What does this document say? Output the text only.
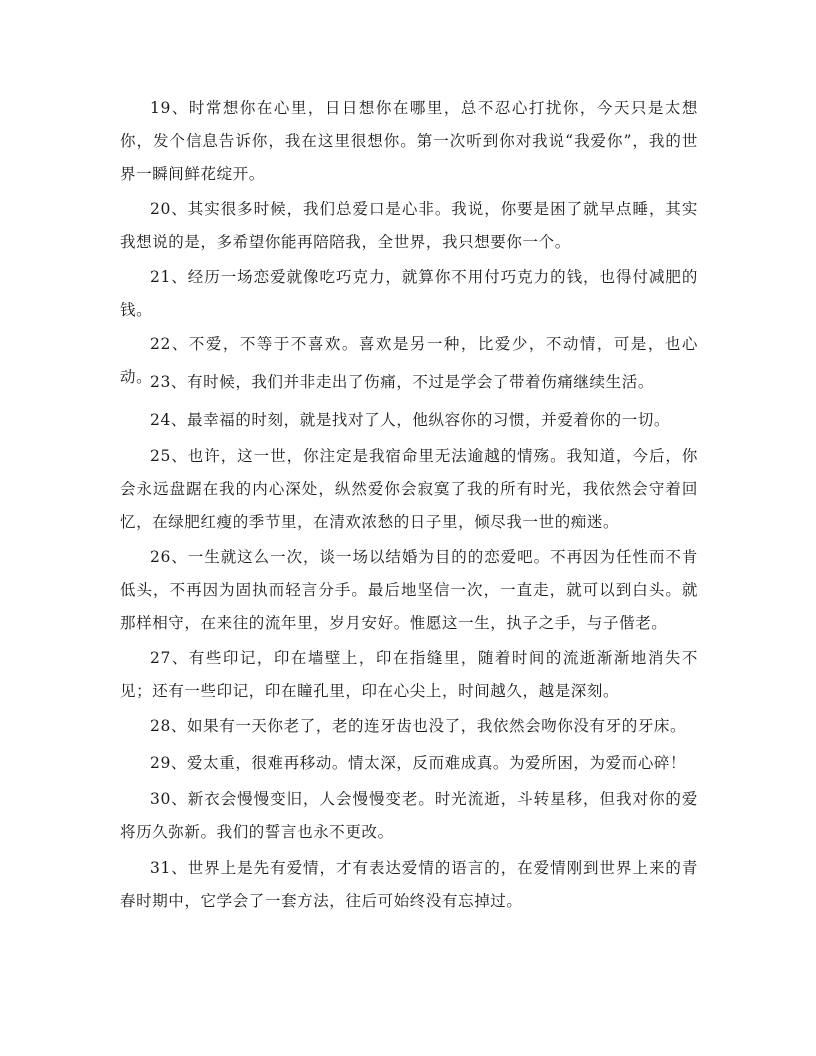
19、时常想你在心里，日日想你在哪里，总不忍心打扰你，今天只是太想你，发个信息告诉你，我在这里很想你。第一次听到你对我说“我爱你”，我的世界一瞬间鲜花绽开。

20、其实很多时候，我们总爱口是心非。我说，你要是困了就早点睡，其实我想说的是，多希望你能再陪陪我，全世界，我只想要你一个。

21、经历一场恋爱就像吃巧克力，就算你不用付巧克力的钱，也得付减肥的钱。

22、不爱，不等于不喜欢。喜欢是另一种，比爱少，不动情，可是，也心动。

23、有时候，我们并非走出了伤痛，不过是学会了带着伤痛继续生活。

24、最幸福的时刻，就是找对了人，他纵容你的习惯，并爱着你的一切。

25、也许，这一世，你注定是我宿命里无法逾越的情殇。我知道，今后，你会永远盘踞在我的内心深处，纵然爱你会寂寞了我的所有时光，我依然会守着回忆，在绿肥红瘦的季节里，在清欢浓愁的日子里，倾尽我一世的痴迷。

26、一生就这么一次，谈一场以结婚为目的的恋爱吧。不再因为任性而不肯低头，不再因为固执而轻言分手。最后地坚信一次，一直走，就可以到白头。就那样相守，在来往的流年里，岁月安好。惟愿这一生，执子之手，与子偕老。

27、有些印记，印在墙壁上，印在指缝里，随着时间的流逝渐渐地消失不见；还有一些印记，印在瞳孔里，印在心尖上，时间越久，越是深刻。

28、如果有一天你老了，老的连牙齿也没了，我依然会吻你没有牙的牙床。

29、爱太重，很难再移动。情太深，反而难成真。为爱所困，为爱而心碎！

30、新衣会慢慢变旧，人会慢慢变老。时光流逝，斗转星移，但我对你的爱将历久弥新。我们的誓言也永不更改。

31、世界上是先有爱情，才有表达爱情的语言的，在爱情刚到世界上来的青春时期中，它学会了一套方法，往后可始终没有忘掉过。
